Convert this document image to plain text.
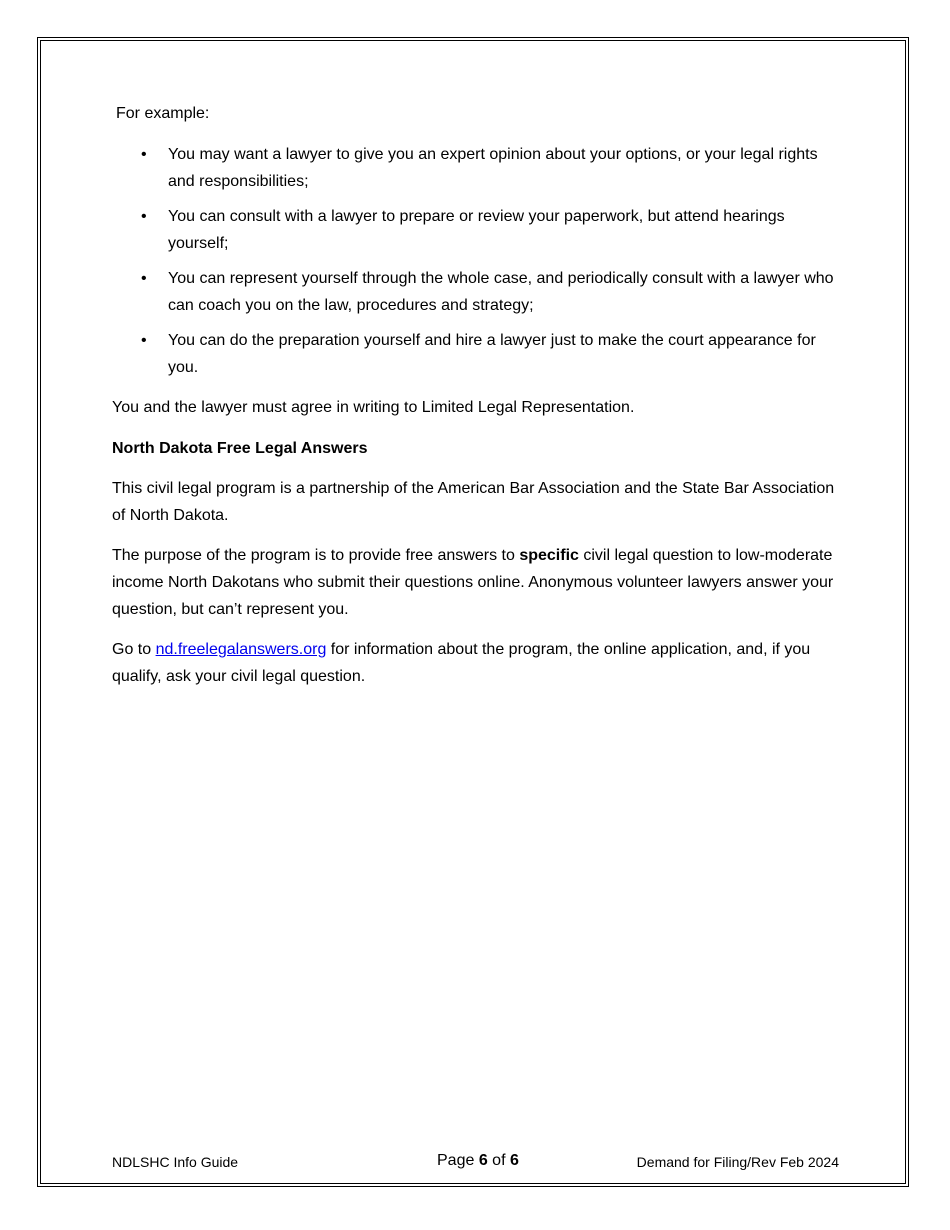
For example:

• You may want a lawyer to give you an expert opinion about your options, or your legal rights and responsibilities;
• You can consult with a lawyer to prepare or review your paperwork, but attend hearings yourself;
• You can represent yourself through the whole case, and periodically consult with a lawyer who can coach you on the law, procedures and strategy;
• You can do the preparation yourself and hire a lawyer just to make the court appearance for you.

You and the lawyer must agree in writing to Limited Legal Representation.

North Dakota Free Legal Answers

This civil legal program is a partnership of the American Bar Association and the State Bar Association of North Dakota.

The purpose of the program is to provide free answers to specific civil legal question to low-moderate income North Dakotans who submit their questions online. Anonymous volunteer lawyers answer your question, but can’t represent you.

Go to nd.freelegalanswers.org for information about the program, the online application, and, if you qualify, ask your civil legal question.

NDLSHC Info Guide	Page 6 of 6	Demand for Filing/Rev Feb 2024
